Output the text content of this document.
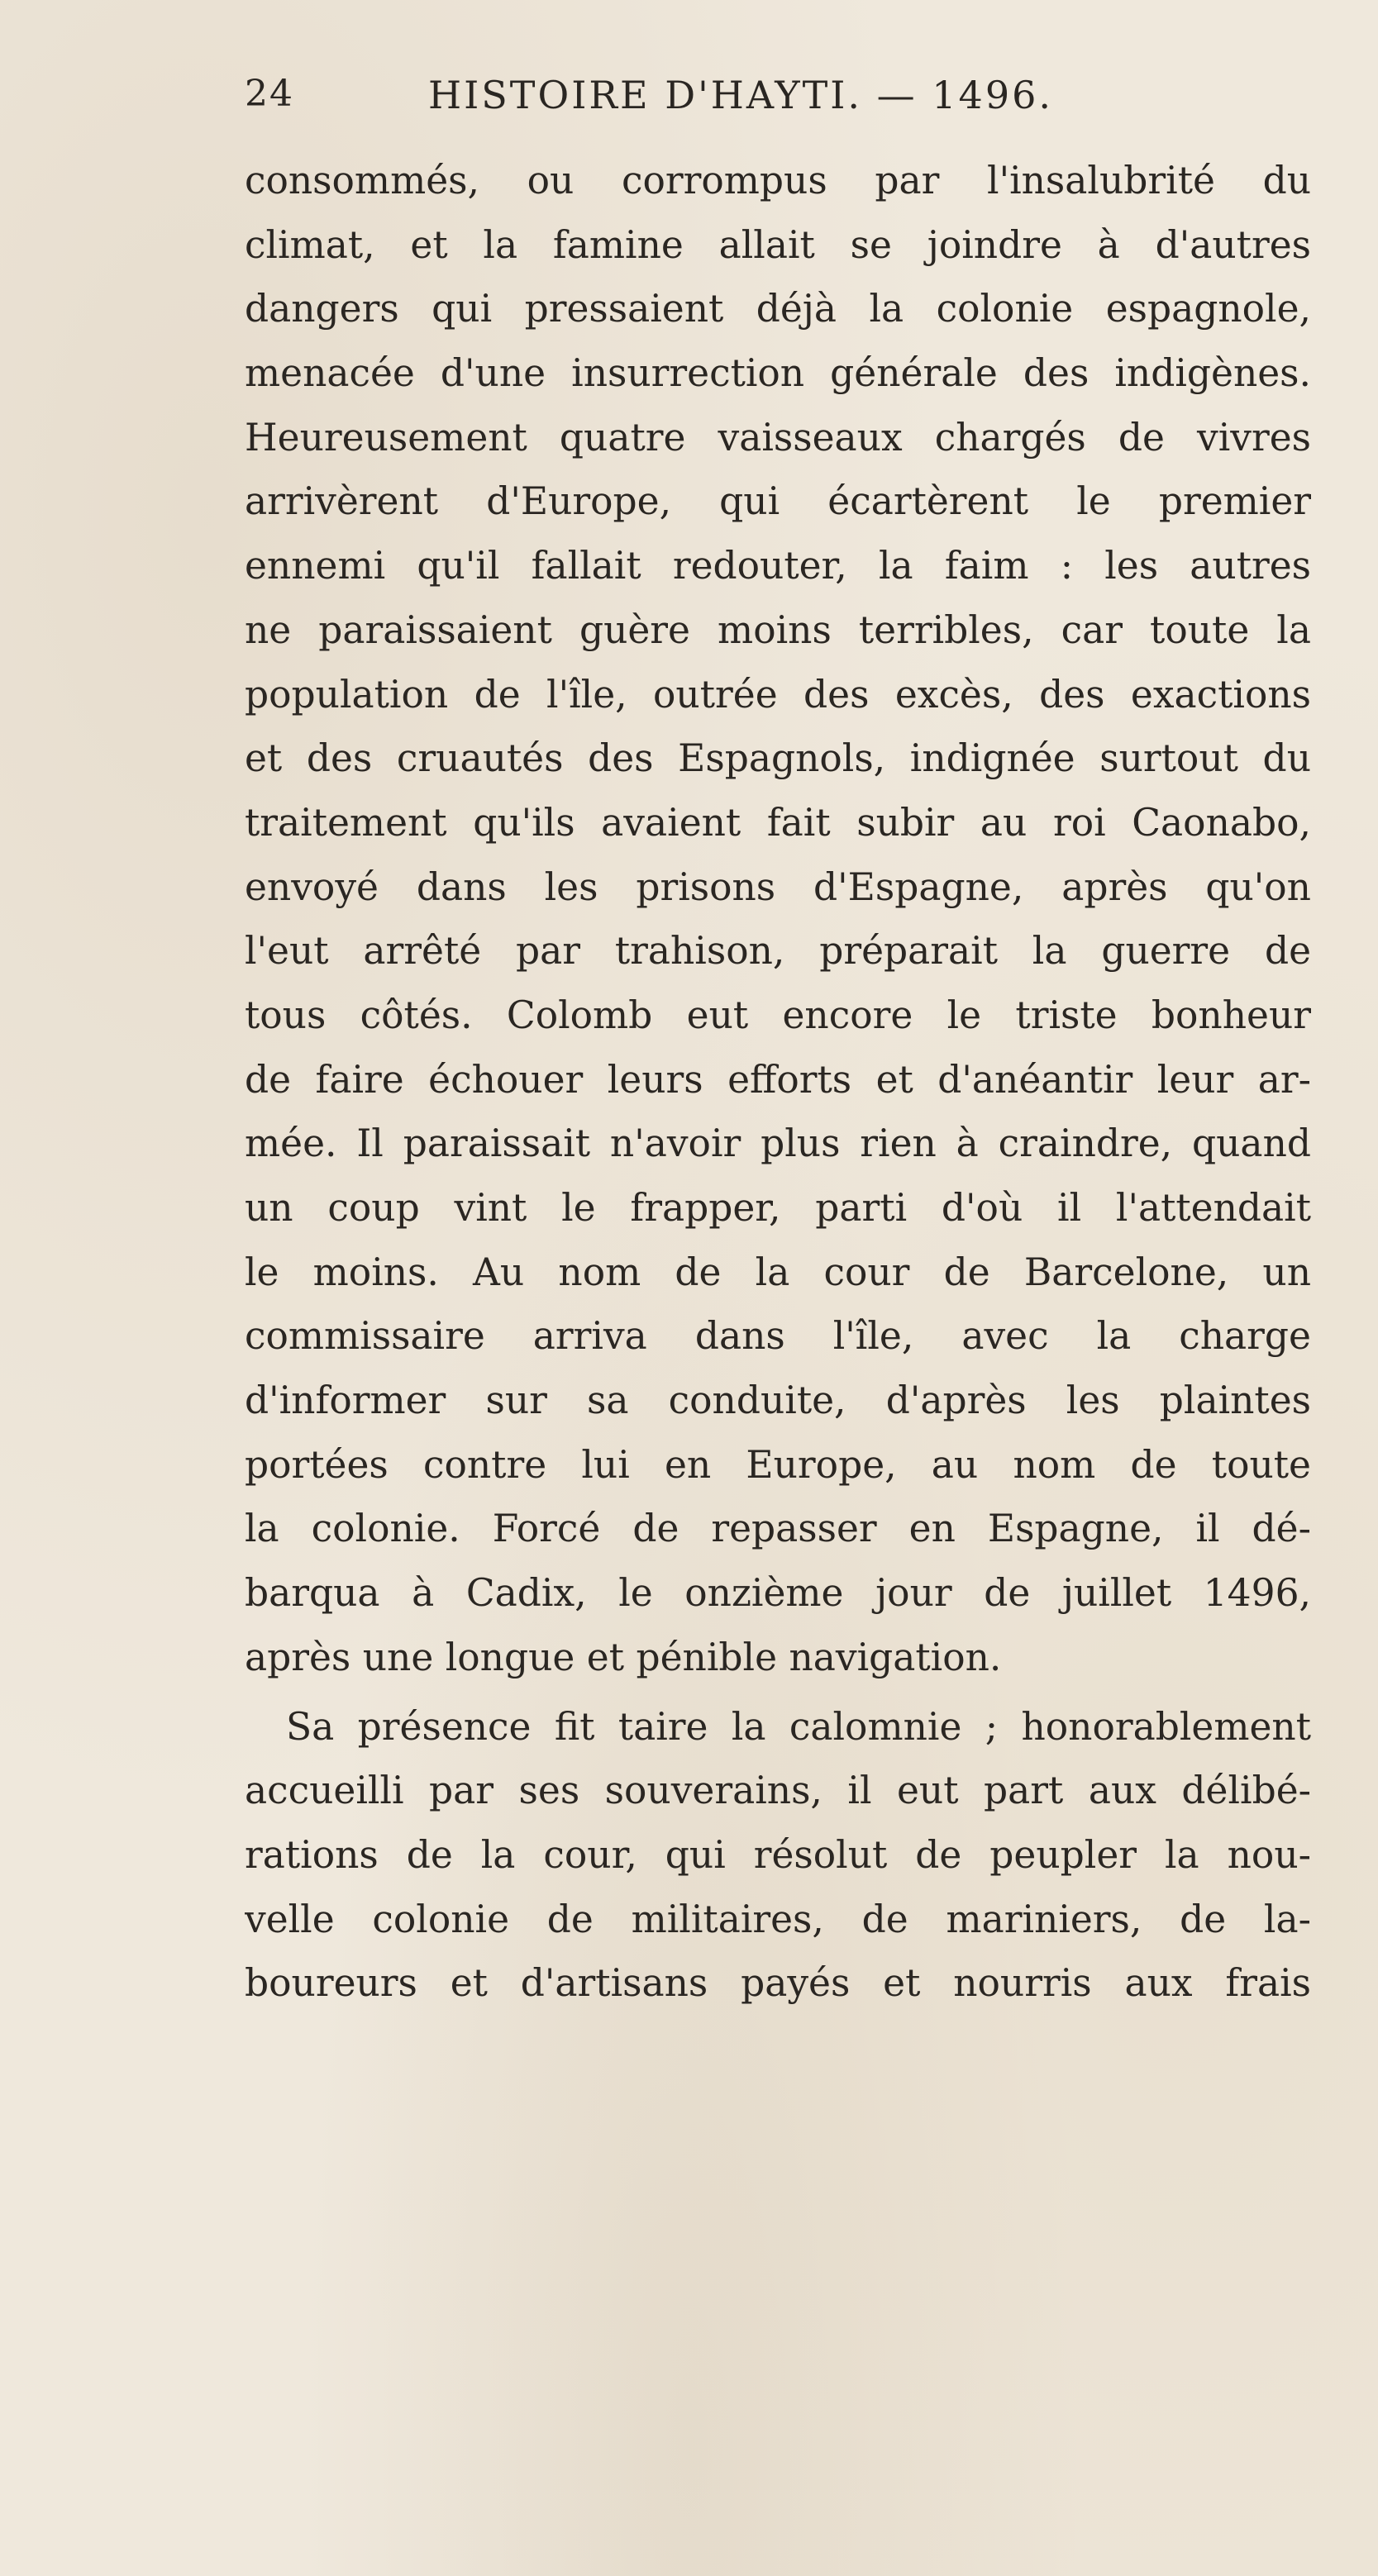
24	HISTOIRE D'HAYTI. — 1496.
consommés, ou corrompus par l'insalubrité du
climat, et la famine allait se joindre à d'autres
dangers qui pressaient déjà la colonie espagnole,
menacée d'une insurrection générale des indigènes.
Heureusement quatre vaisseaux chargés de vivres
arrivèrent d'Europe, qui écartèrent le premier
ennemi qu'il fallait redouter, la faim : les autres
ne paraissaient guère moins terribles, car toute la
population de l'île, outrée des excès, des exactions
et des cruautés des Espagnols, indignée surtout du
traitement qu'ils avaient fait subir au roi Caonabo,
envoyé dans les prisons d'Espagne, après qu'on
l'eut arrêté par trahison, préparait la guerre de
tous côtés. Colomb eut encore le triste bonheur
de faire échouer leurs efforts et d'anéantir leur ar-
mée. Il paraissait n'avoir plus rien à craindre, quand
un coup vint le frapper, parti d'où il l'attendait
le moins. Au nom de la cour de Barcelone, un
commissaire arriva dans l'île, avec la charge
d'informer sur sa conduite, d'après les plaintes
portées contre lui en Europe, au nom de toute
la colonie. Forcé de repasser en Espagne, il dé-
barqua à Cadix, le onzième jour de juillet 1496,
après une longue et pénible navigation.
Sa présence fit taire la calomnie ; honorablement
accueilli par ses souverains, il eut part aux délibé-
rations de la cour, qui résolut de peupler la nou-
velle colonie de militaires, de mariniers, de la-
boureurs et d'artisans payés et nourris aux frais
